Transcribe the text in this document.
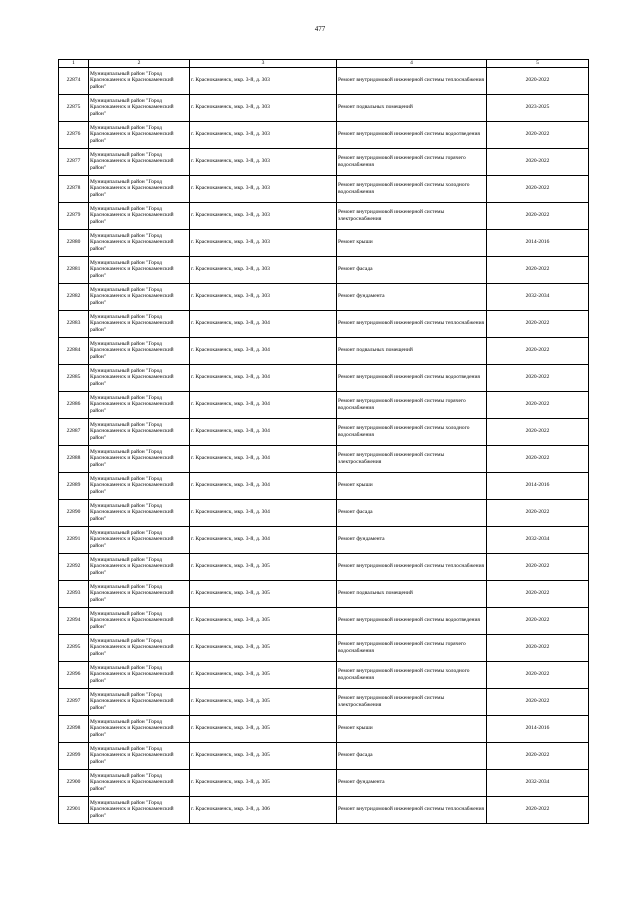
477
1	2	3	4	5
22874	Муниципальный район "Город Краснокаменск и Краснокаменский район"	г. Краснокаменск, мкр. 3-й, д. 303	Ремонт внутридомовой инженерной системы теплоснабжения	2020-2022
22875	Муниципальный район "Город Краснокаменск и Краснокаменский район"	г. Краснокаменск, мкр. 3-й, д. 303	Ремонт подвальных помещений	2023-2025
22876	Муниципальный район "Город Краснокаменск и Краснокаменский район"	г. Краснокаменск, мкр. 3-й, д. 303	Ремонт внутридомовой инженерной системы водоотведения	2020-2022
22877	Муниципальный район "Город Краснокаменск и Краснокаменский район"	г. Краснокаменск, мкр. 3-й, д. 303	Ремонт внутридомовой инженерной системы горячего водоснабжения	2020-2022
22878	Муниципальный район "Город Краснокаменск и Краснокаменский район"	г. Краснокаменск, мкр. 3-й, д. 303	Ремонт внутридомовой инженерной системы холодного водоснабжения	2020-2022
22879	Муниципальный район "Город Краснокаменск и Краснокаменский район"	г. Краснокаменск, мкр. 3-й, д. 303	Ремонт внутридомовой инженерной системы электроснабжения	2020-2022
22880	Муниципальный район "Город Краснокаменск и Краснокаменский район"	г. Краснокаменск, мкр. 3-й, д. 303	Ремонт крыши	2014-2016
22881	Муниципальный район "Город Краснокаменск и Краснокаменский район"	г. Краснокаменск, мкр. 3-й, д. 303	Ремонт фасада	2020-2022
22882	Муниципальный район "Город Краснокаменск и Краснокаменский район"	г. Краснокаменск, мкр. 3-й, д. 303	Ремонт фундамента	2032-2034
22883	Муниципальный район "Город Краснокаменск и Краснокаменский район"	г. Краснокаменск, мкр. 3-й, д. 304	Ремонт внутридомовой инженерной системы теплоснабжения	2020-2022
22884	Муниципальный район "Город Краснокаменск и Краснокаменский район"	г. Краснокаменск, мкр. 3-й, д. 304	Ремонт подвальных помещений	2020-2022
22885	Муниципальный район "Город Краснокаменск и Краснокаменский район"	г. Краснокаменск, мкр. 3-й, д. 304	Ремонт внутридомовой инженерной системы водоотведения	2020-2022
22886	Муниципальный район "Город Краснокаменск и Краснокаменский район"	г. Краснокаменск, мкр. 3-й, д. 304	Ремонт внутридомовой инженерной системы горячего водоснабжения	2020-2022
22887	Муниципальный район "Город Краснокаменск и Краснокаменский район"	г. Краснокаменск, мкр. 3-й, д. 304	Ремонт внутридомовой инженерной системы холодного водоснабжения	2020-2022
22888	Муниципальный район "Город Краснокаменск и Краснокаменский район"	г. Краснокаменск, мкр. 3-й, д. 304	Ремонт внутридомовой инженерной системы электроснабжения	2020-2022
22889	Муниципальный район "Город Краснокаменск и Краснокаменский район"	г. Краснокаменск, мкр. 3-й, д. 304	Ремонт крыши	2014-2016
22890	Муниципальный район "Город Краснокаменск и Краснокаменский район"	г. Краснокаменск, мкр. 3-й, д. 304	Ремонт фасада	2020-2022
22891	Муниципальный район "Город Краснокаменск и Краснокаменский район"	г. Краснокаменск, мкр. 3-й, д. 304	Ремонт фундамента	2032-2034
22892	Муниципальный район "Город Краснокаменск и Краснокаменский район"	г. Краснокаменск, мкр. 3-й, д. 305	Ремонт внутридомовой инженерной системы теплоснабжения	2020-2022
22893	Муниципальный район "Город Краснокаменск и Краснокаменский район"	г. Краснокаменск, мкр. 3-й, д. 305	Ремонт подвальных помещений	2020-2022
22894	Муниципальный район "Город Краснокаменск и Краснокаменский район"	г. Краснокаменск, мкр. 3-й, д. 305	Ремонт внутридомовой инженерной системы водоотведения	2020-2022
22895	Муниципальный район "Город Краснокаменск и Краснокаменский район"	г. Краснокаменск, мкр. 3-й, д. 305	Ремонт внутридомовой инженерной системы горячего водоснабжения	2020-2022
22896	Муниципальный район "Город Краснокаменск и Краснокаменский район"	г. Краснокаменск, мкр. 3-й, д. 305	Ремонт внутридомовой инженерной системы холодного водоснабжения	2020-2022
22897	Муниципальный район "Город Краснокаменск и Краснокаменский район"	г. Краснокаменск, мкр. 3-й, д. 305	Ремонт внутридомовой инженерной системы электроснабжения	2020-2022
22898	Муниципальный район "Город Краснокаменск и Краснокаменский район"	г. Краснокаменск, мкр. 3-й, д. 305	Ремонт крыши	2014-2016
22899	Муниципальный район "Город Краснокаменск и Краснокаменский район"	г. Краснокаменск, мкр. 3-й, д. 305	Ремонт фасада	2020-2022
22900	Муниципальный район "Город Краснокаменск и Краснокаменский район"	г. Краснокаменск, мкр. 3-й, д. 305	Ремонт фундамента	2032-2034
22901	Муниципальный район "Город Краснокаменск и Краснокаменский район"	г. Краснокаменск, мкр. 3-й, д. 306	Ремонт внутридомовой инженерной системы теплоснабжения	2020-2022
